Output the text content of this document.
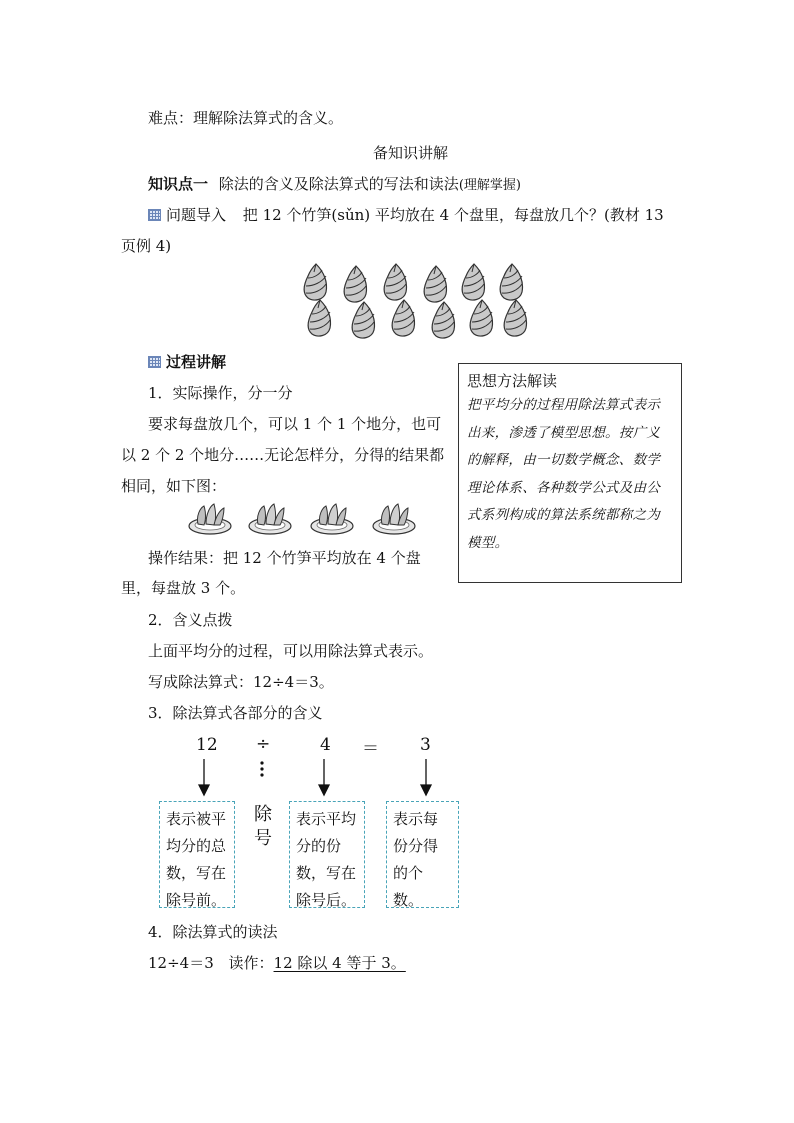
难点：理解除法算式的含义。
备知识讲解
知识点一 除法的含义及除法算式的写法和读法(理解掌握)
问题导入 把 12 个竹笋(sǔn) 平均放在 4 个盘里，每盘放几个？(教材 13
页例 4)
过程讲解
1．实际操作，分一分
要求每盘放几个，可以 1 个 1 个地分，也可
以 2 个 2 个地分……无论怎样分，分得的结果都
相同，如下图：
操作结果：把 12 个竹笋平均放在 4 个盘
里，每盘放 3 个。
2．含义点拨
上面平均分的过程，可以用除法算式表示。
写成除法算式：12÷4＝3。
3．除法算式各部分的含义
思想方法解读
把平均分的过程用除法算式表示出来，渗透了模型思想。按广义的解释，由一切数学概念、数学理论体系、各种数学公式及由公式系列构成的算法系统都称之为模型。
12 ÷	4 ＝ 3
表示被平均分的总数，写在除号前。
除号
表示平均分的份数，写在除号后。
表示每份分得的个数。
4．除法算式的读法
12÷4＝3 读作：12 除以 4 等于 3。
